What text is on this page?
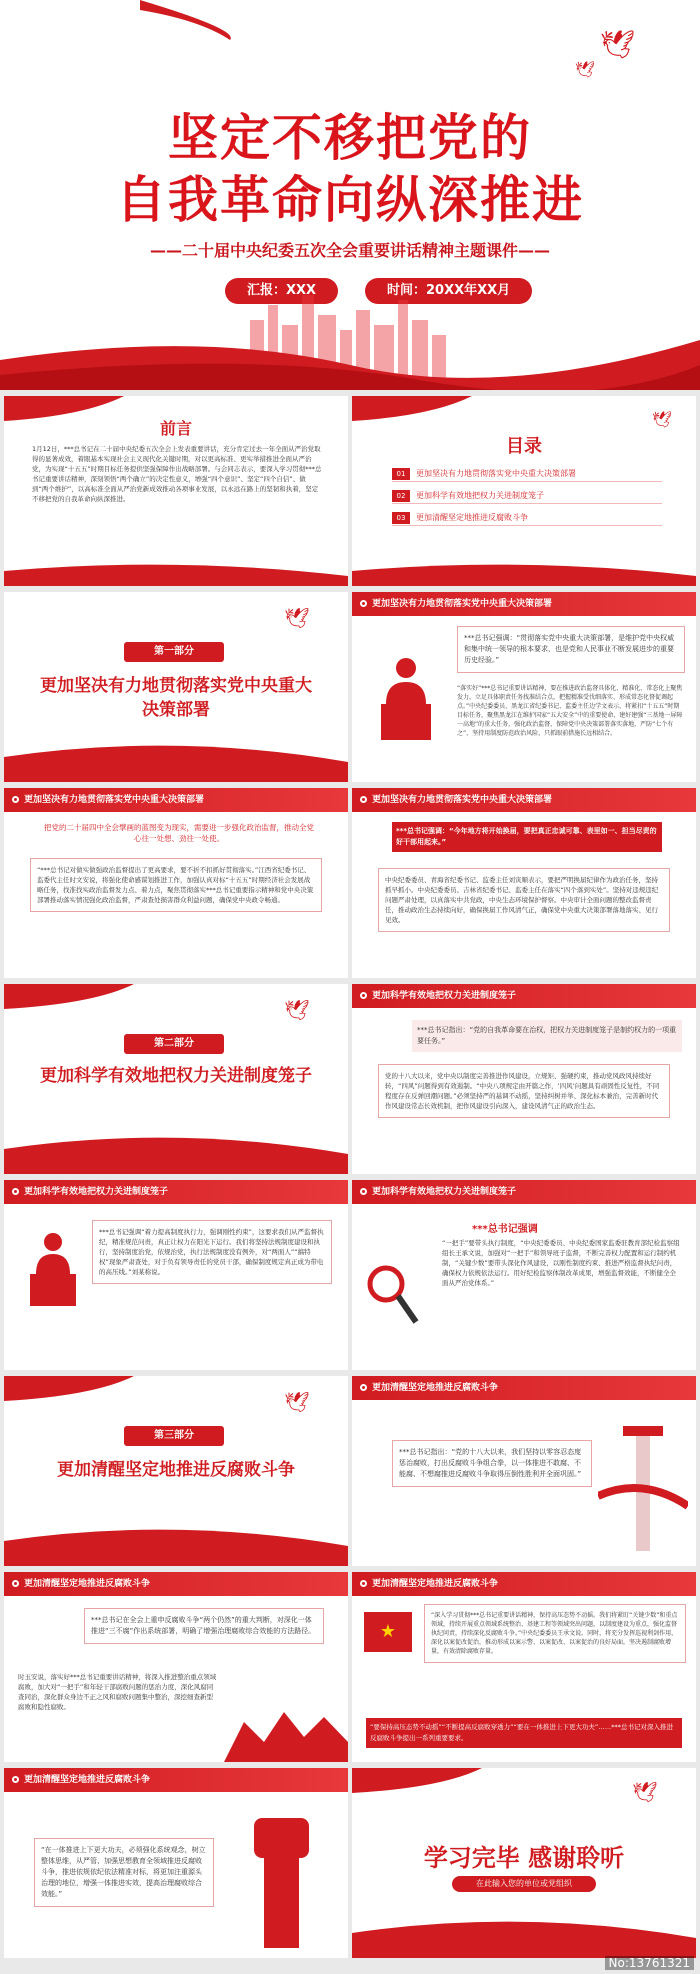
🕊
🕊
坚定不移把党的
自我革命向纵深推进
——二十届中央纪委五次全会重要讲话精神主题课件——
汇报：XXX	时间：20XX年XX月
前言
1月12日，***总书记在二十届中央纪委五次全会上发表重要讲话，充分肯定过去一年全面从严治党取得的显著成效，着眼基本实现社会主义现代化关键时期，对以更高标准、更实举措推进全面从严治党，为实现“十五五”时期目标任务提供坚强保障作出战略部署。与会同志表示，要深入学习贯彻***总书记重要讲话精神，深刻领悟“两个确立”的决定性意义，增强“四个意识”、坚定“四个自信”、做到“两个维护”，以高标准全面从严治党新成效推动各项事业发展，以永远在路上的坚韧和执着，坚定不移把党的自我革命向纵深推进。
🕊
目录
01 更加坚决有力地贯彻落实党中央重大决策部署
02 更加科学有效地把权力关进制度笼子
03 更加清醒坚定地推进反腐败斗争
🕊
第一部分
更加坚决有力地贯彻落实党中央重大决策部署
更加坚决有力地贯彻落实党中央重大决策部署
***总书记强调：“贯彻落实党中央重大决策部署，是维护党中央权威和集中统一领导的根本要求，也是党和人民事业不断发展进步的重要历史经验。”
“落实好”***总书记重要讲话精神，要在推进政治监督具体化、精准化、常态化上聚焦发力，立足具体职责任务找准结合点，把握精准受伐细落实、形成常态化督促调起点。”中央纪委委员、黑龙江省纪委书记、监委主任边学文表示，将紧扣“十五五”时期目标任务，聚焦黑龙江在维护国家“五大安全”中的重要使命，建好建强“三基地一屏障一高地”的重大任务，强化政治监督，保障党中央决策部署落实落地，严防“七个有之”，坚持用制度防范政治风险，只抓眼前措施长远相结合。
更加坚决有力地贯彻落实党中央重大决策部署
把党的二十届四中全会擘画的蓝图变为现实，需要进一步强化政治监督，推动全党心往一处想、劲往一处使。
“***总书记对做实做强政治监督提出了更高要求，要不折不扣抓好贯彻落实。”江西省纪委书记、监委代主任时文安说，将强化使命感谋划推进工作，加强认真对标“十五五”时期经济社会发展战略任务，找准找实政治监督发力点、着力点，聚焦贯彻落实***总书记重要指示精神和党中央决策部署推动落实情况强化政治监督，严肃查处损害群众利益问题，确保党中央政令畅通。
更加坚决有力地贯彻落实党中央重大决策部署
***总书记强调：“今年地方将开始换届，要把真正忠诚可靠、表里如一、担当尽责的好干部用起来。”
中央纪委委员、青海省纪委书记、监委主任刘寅顺表示，要把严明换届纪律作为政治任务，坚持抓早抓小。中央纪委委员、吉林省纪委书记、监委主任在落实“四个落到实处”。坚持对违规违纪问题严肃处理，以真落实中共党政，中央生态环境保护督察。中央审计全面问题的整改监督责任，推动政治生态持续向好，确保换届工作风清气正，确保党中央重大决策部署落地落实、见行见效。
🕊
第二部分
更加科学有效地把权力关进制度笼子
更加科学有效地把权力关进制度笼子
***总书记指出：“党的自我革命要在治权，把权力关进制度笼子是制约权力的一项重要任务。”
党的十八大以来，党中央以制度完善推进作风建设，立规矩、强硬约束，推动党风政风持续好转，“四风”问题得到有效遏制。“中央八项规定由开篇之作，‘四风’问题具有顽固性反复性，不同程度存在反弹回潮问题。”必须坚持严的基调不动摇，坚持纠树并举、深化标本兼治，完善新时代作风建设常态长效机制，把作风建设引向深入，建设风清气正的政治生态。
更加科学有效地把权力关进制度笼子
***总书记强调“着力提高制度执行力，强调刚性约束”，这要求我们从严监督执纪，精准规范问责，真正让权力在阳光下运行。我们将坚持法规制度建设和执行，坚持制度治党，依规治党，执行法规制度没有例外，对“两面人”“搞特权”现象严肃查处，对于负有领导责任的党员干部，确保制度规定真正成为带电的高压线。”刘某称说。
更加科学有效地把权力关进制度笼子
***总书记强调
“一把手”要带头执行制度，“中央纪委委员、中央纪委国家监委驻教育部纪检监察组组长王承文说，加强对“一把手”和领导班子监督，不断完善权力配置和运行制约机制，“关键少数”要带头深化作风建设，以刚性制度约束、推进严格监督执纪问责，确保权力依规依法运行。用好纪检监察体制改革成果，增强监督效能，不断健全全面从严治党体系。”
🕊
第三部分
更加清醒坚定地推进反腐败斗争
更加清醒坚定地推进反腐败斗争
***总书记指出：“党的十八大以来，我们坚持以零容忍态度惩治腐败，打出反腐败斗争组合拳，以一体推进不敢腐、不能腐、不想腐推进反腐败斗争取得压倒性胜利并全面巩固。”
更加清醒坚定地推进反腐败斗争
***总书记在全会上重申反腐败斗争“两个仍然”的重大判断，对深化一体推进“三不腐”作出系统部署，明确了增强治理腐败综合效能的方法路径。
时玉安说，落实好***总书记重要讲话精神，将深入推进整治重点领域腐败，加大对“一把手”和年轻干部腐败问题的惩治力度，深化风腐同查同治，深化群众身边不正之风和腐败问题集中整治，深挖细查新型腐败和隐性腐败。
更加清醒坚定地推进反腐败斗争
★
“深入学习贯彻***总书记重要讲话精神，保持高压态势不动摇。我们将紧盯“关键少数”和重点领域，持续开展重点领域系统整治、基建工程等领域突出问题，以制度建设为重点，强化监督执纪问责，持续深化反腐败斗争。”中央纪委委员王承文说。同时，将充分发挥巡视利剑作用，深化以案促改促治，推动形成以案示警、以案促改、以案促治的良好局面，坚决遏制腐败增量，有效清除腐败存量。
“要保持高压态势不动摇”“不断提高反腐败穿透力”“要在一体推进上下更大功夫”……***总书记对深入推进反腐败斗争提出一系列重要要求。
更加清醒坚定地推进反腐败斗争
“在一体推进上下更大功夫，必须强化系统观念，树立整体思维，从严管、加强思想教育全领域推进反腐败斗争，推进依规依纪依法精准对标，将更加注重源头治理的地位，增强一体推进实效，提高治理腐败综合效能。”
🕊
学习完毕 感谢聆听
在此输入您的单位或党组织
No:13761321
